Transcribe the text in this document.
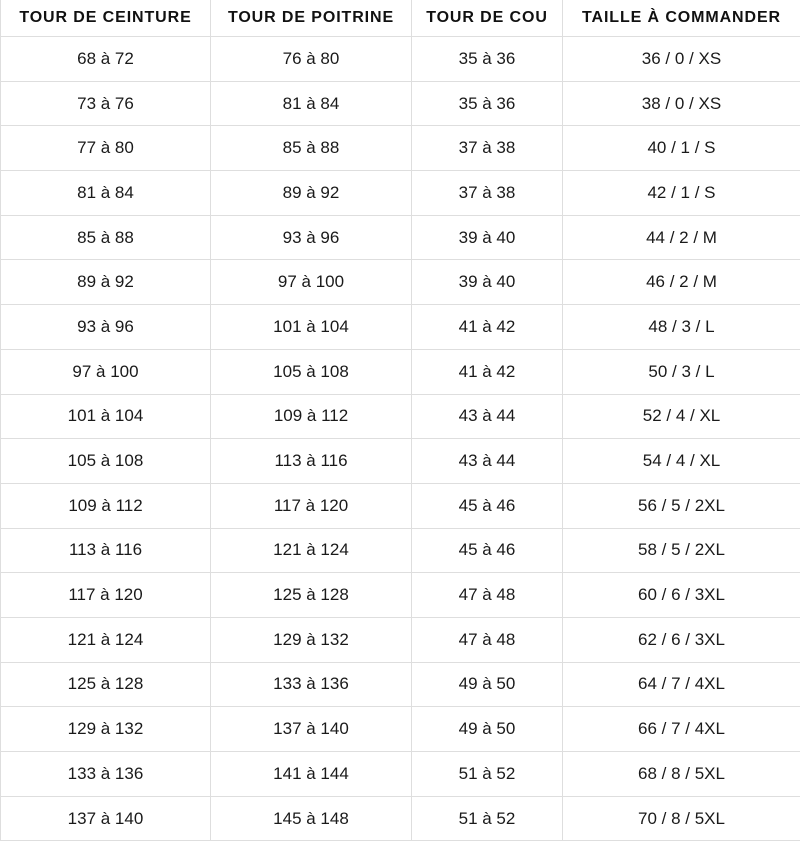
TOUR DE CEINTURE	TOUR DE POITRINE	TOUR DE COU	TAILLE À COMMANDER
68 à 72	76 à 80	35 à 36	36 / 0 / XS
73 à 76	81 à 84	35 à 36	38 / 0 / XS
77 à 80	85 à 88	37 à 38	40 / 1 / S
81 à 84	89 à 92	37 à 38	42 / 1 / S
85 à 88	93 à 96	39 à 40	44 / 2 / M
89 à 92	97 à 100	39 à 40	46 / 2 / M
93 à 96	101 à 104	41 à 42	48 / 3 / L
97 à 100	105 à 108	41 à 42	50 / 3 / L
101 à 104	109 à 112	43 à 44	52 / 4 / XL
105 à 108	113 à 116	43 à 44	54 / 4 / XL
109 à 112	117 à 120	45 à 46	56 / 5 / 2XL
113 à 116	121 à 124	45 à 46	58 / 5 / 2XL
117 à 120	125 à 128	47 à 48	60 / 6 / 3XL
121 à 124	129 à 132	47 à 48	62 / 6 / 3XL
125 à 128	133 à 136	49 à 50	64 / 7 / 4XL
129 à 132	137 à 140	49 à 50	66 / 7 / 4XL
133 à 136	141 à 144	51 à 52	68 / 8 / 5XL
137 à 140	145 à 148	51 à 52	70 / 8 / 5XL
